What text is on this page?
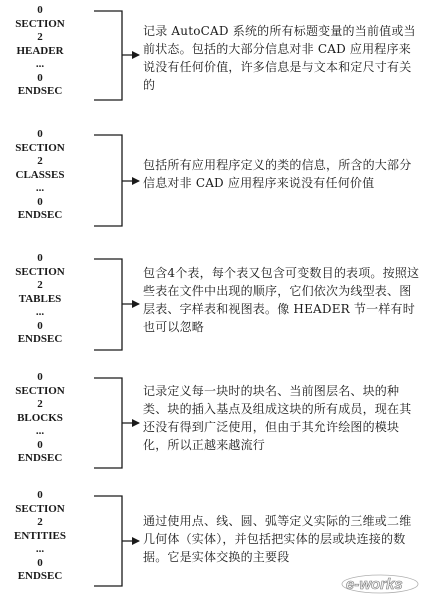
0
SECTION
2
HEADER
...
0
ENDSEC
记录 AutoCAD 系统的所有标题变量的当前值或当前状态。包括的大部分信息对非 CAD 应用程序来说没有任何价值，许多信息是与文本和定尺寸有关的
0
SECTION
2
CLASSES
...
0
ENDSEC
包括所有应用程序定义的类的信息，所含的大部分信息对非 CAD 应用程序来说没有任何价值
0
SECTION
2
TABLES
...
0
ENDSEC
包含4个表，每个表又包含可变数目的表项。按照这些表在文件中出现的顺序，它们依次为线型表、图层表、字样表和视图表。像 HEADER 节一样有时也可以忽略
0
SECTION
2
BLOCKS
...
0
ENDSEC
记录定义每一块时的块名、当前图层名、块的种类、块的插入基点及组成这块的所有成员，现在其还没有得到广泛使用，但由于其允许绘图的模块化，所以正越来越流行
0
SECTION
2
ENTITIES
...
0
ENDSEC
通过使用点、线、圆、弧等定义实际的三维或二维几何体（实体），并包括把实体的层或块连接的数据。它是实体交换的主要段
e-works
